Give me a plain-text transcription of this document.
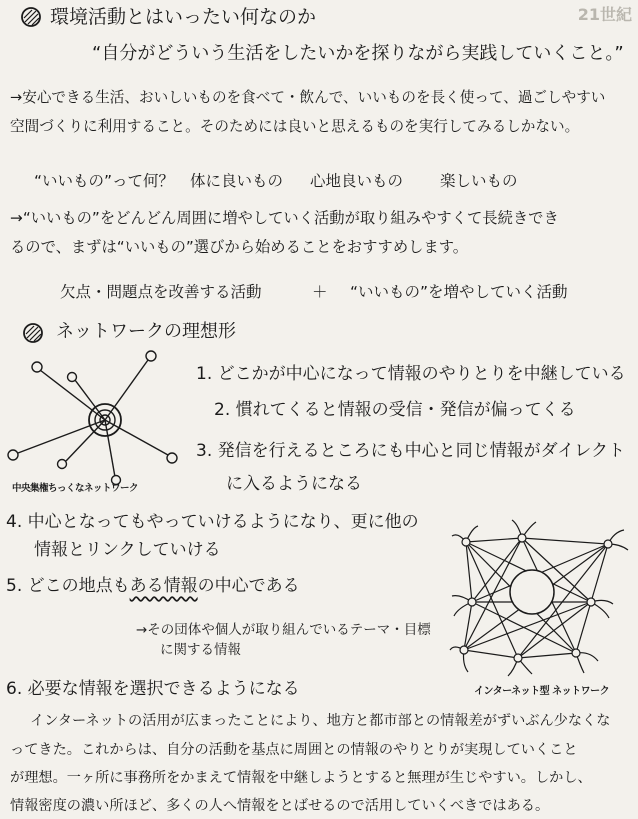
21世紀
環境活動とはいったい何なのか
“自分がどういう生活をしたいかを探りながら実践していくこと。”
→安心できる生活、おいしいものを食べて・飲んで、いいものを長く使って、過ごしやすい
空間づくりに利用すること。そのためには良いと思えるものを実行してみるしかない。
“いいもの”って何？ 体に良いもの 心地良いもの 楽しいもの
→“いいもの”をどんどん周囲に増やしていく活動が取り組みやすくて長続きでき
るので、まずは“いいもの”選びから始めることをおすすめします。
欠点・問題点を改善する活動	＋ “いいもの”を増やしていく活動
ネットワークの理想形
中央集権ちっくなネットワーク
1. どこかが中心になって情報のやりとりを中継している
2. 慣れてくると情報の受信・発信が偏ってくる
3. 発信を行えるところにも中心と同じ情報がダイレクト
に入るようになる
4. 中心となってもやっていけるようになり、更に他の
情報とリンクしていける
5. どこの地点もある情報の中心である
→その団体や個人が取り組んでいるテーマ・目標
に関する情報
6. 必要な情報を選択できるようになる	インターネット型 ネットワーク
インターネットの活用が広まったことにより、地方と都市部との情報差がずいぶん少なくな
ってきた。これからは、自分の活動を基点に周囲との情報のやりとりが実現していくこと
が理想。一ヶ所に事務所をかまえて情報を中継しようとすると無理が生じやすい。しかし、
情報密度の濃い所ほど、多くの人へ情報をとばせるので活用していくべきではある。
